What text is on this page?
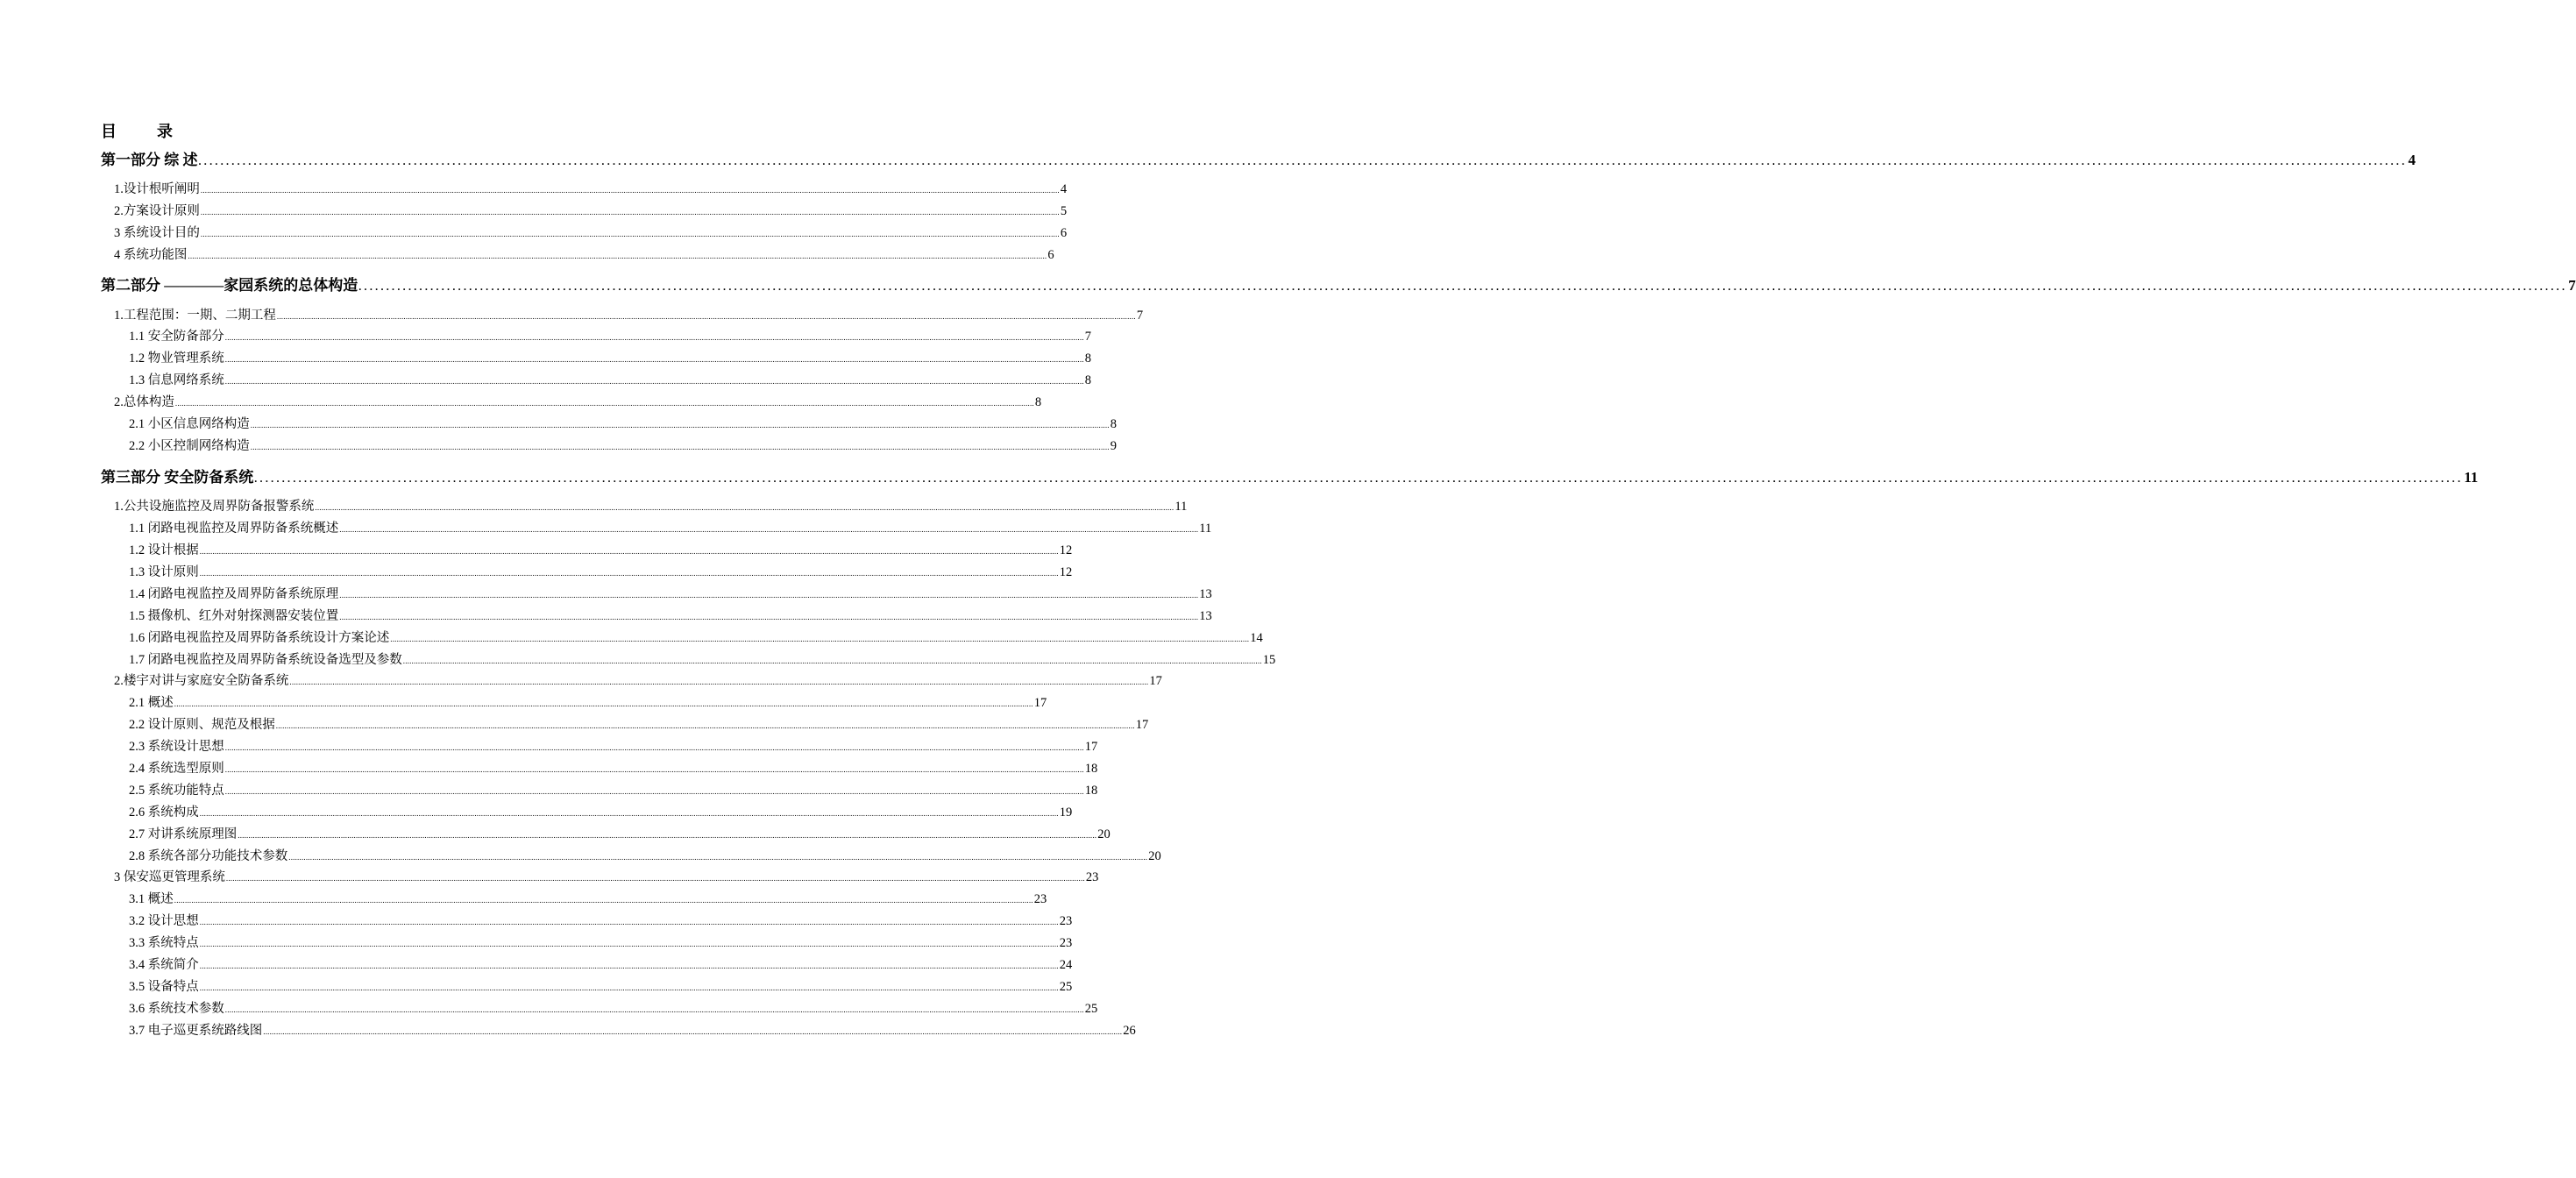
目	录
第一部分 综 述 ................................................................................................................................................................................................................................................................................................................................................................................................................ 4
1.设计根听阐明 ................................................................................................................................................................................................................................................................................................................................................................................................................ 4
2.方案设计原则 ................................................................................................................................................................................................................................................................................................................................................................................................................ 5
3 系统设计目的 ................................................................................................................................................................................................................................................................................................................................................................................................................ 6
4 系统功能图 ................................................................................................................................................................................................................................................................................................................................................................................................................ 6
第二部分 ————家园系统的总体构造 ................................................................................................................................................................................................................................................................................................................................................................................................................ 7
1.工程范围：一期、二期工程 ................................................................................................................................................................................................................................................................................................................................................................................................................ 7
1.1 安全防备部分 ................................................................................................................................................................................................................................................................................................................................................................................................................ 7
1.2 物业管理系统 ................................................................................................................................................................................................................................................................................................................................................................................................................ 8
1.3 信息网络系统 ................................................................................................................................................................................................................................................................................................................................................................................................................ 8
2.总体构造 ................................................................................................................................................................................................................................................................................................................................................................................................................ 8
2.1 小区信息网络构造 ................................................................................................................................................................................................................................................................................................................................................................................................................ 8
2.2 小区控制网络构造 ................................................................................................................................................................................................................................................................................................................................................................................................................ 9
第三部分 安全防备系统 ................................................................................................................................................................................................................................................................................................................................................................................................................ 11
1.公共设施监控及周界防备报警系统 ................................................................................................................................................................................................................................................................................................................................................................................................................ 11
1.1 闭路电视监控及周界防备系统概述 ................................................................................................................................................................................................................................................................................................................................................................................................................ 11
1.2 设计根据 ................................................................................................................................................................................................................................................................................................................................................................................................................ 12
1.3 设计原则 ................................................................................................................................................................................................................................................................................................................................................................................................................ 12
1.4 闭路电视监控及周界防备系统原理 ................................................................................................................................................................................................................................................................................................................................................................................................................ 13
1.5 摄像机、红外对射探测器安装位置 ................................................................................................................................................................................................................................................................................................................................................................................................................ 13
1.6 闭路电视监控及周界防备系统设计方案论述 ................................................................................................................................................................................................................................................................................................................................................................................................................ 14
1.7 闭路电视监控及周界防备系统设备选型及参数 ................................................................................................................................................................................................................................................................................................................................................................................................................ 15
2.楼宇对讲与家庭安全防备系统 ................................................................................................................................................................................................................................................................................................................................................................................................................ 17
2.1 概述 ................................................................................................................................................................................................................................................................................................................................................................................................................ 17
2.2 设计原则、规范及根据 ................................................................................................................................................................................................................................................................................................................................................................................................................ 17
2.3 系统设计思想 ................................................................................................................................................................................................................................................................................................................................................................................................................ 17
2.4 系统选型原则 ................................................................................................................................................................................................................................................................................................................................................................................................................ 18
2.5 系统功能特点 ................................................................................................................................................................................................................................................................................................................................................................................................................ 18
2.6 系统构成 ................................................................................................................................................................................................................................................................................................................................................................................................................ 19
2.7 对讲系统原理图 ................................................................................................................................................................................................................................................................................................................................................................................................................ 20
2.8 系统各部分功能技术参数 ................................................................................................................................................................................................................................................................................................................................................................................................................ 20
3 保安巡更管理系统 ................................................................................................................................................................................................................................................................................................................................................................................................................ 23
3.1 概述 ................................................................................................................................................................................................................................................................................................................................................................................................................ 23
3.2 设计思想 ................................................................................................................................................................................................................................................................................................................................................................................................................ 23
3.3 系统特点 ................................................................................................................................................................................................................................................................................................................................................................................................................ 23
3.4 系统简介 ................................................................................................................................................................................................................................................................................................................................................................................................................ 24
3.5 设备特点 ................................................................................................................................................................................................................................................................................................................................................................................................................ 25
3.6 系统技术参数 ................................................................................................................................................................................................................................................................................................................................................................................................................ 25
3.7 电子巡更系统路线图 ................................................................................................................................................................................................................................................................................................................................................................................................................ 26
